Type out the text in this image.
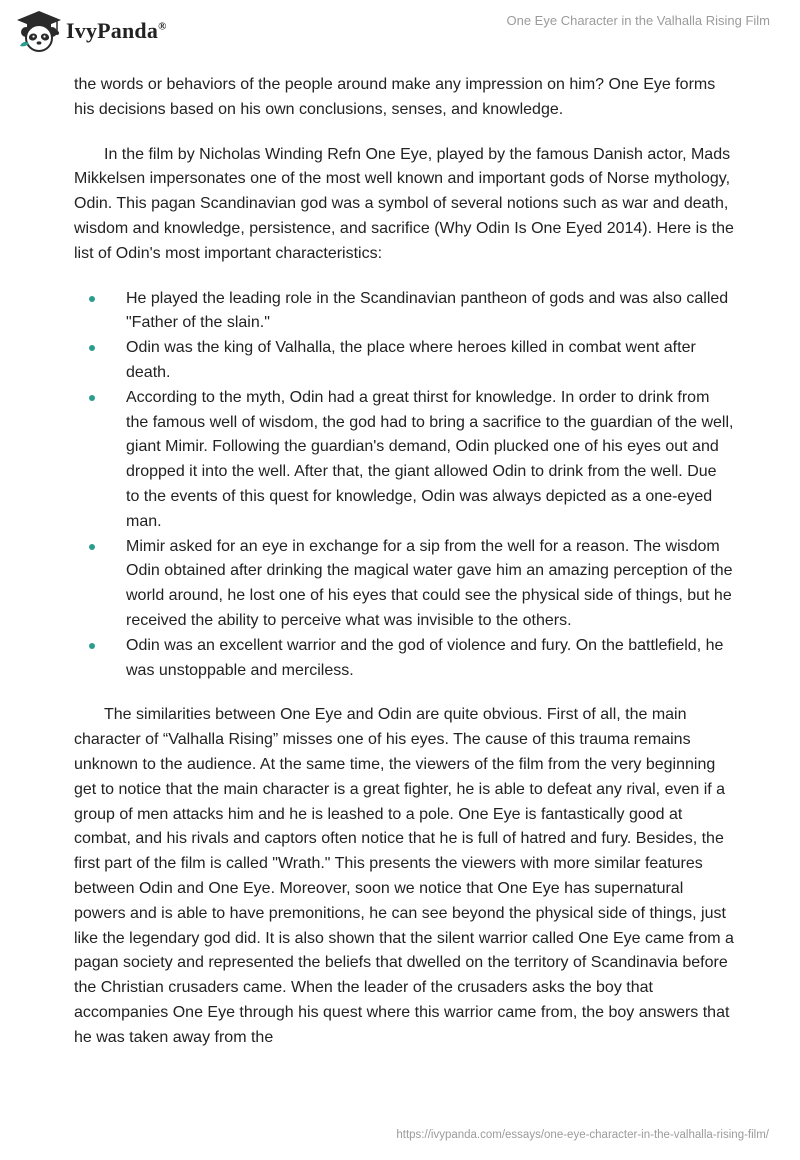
IvyPanda®	One Eye Character in the Valhalla Rising Film

the words or behaviors of the people around make any impression on him? One Eye forms his decisions based on his own conclusions, senses, and knowledge.

In the film by Nicholas Winding Refn One Eye, played by the famous Danish actor, Mads Mikkelsen impersonates one of the most well known and important gods of Norse mythology, Odin. This pagan Scandinavian god was a symbol of several notions such as war and death, wisdom and knowledge, persistence, and sacrifice (Why Odin Is One Eyed 2014). Here is the list of Odin's most important characteristics:

He played the leading role in the Scandinavian pantheon of gods and was also called "Father of the slain."
Odin was the king of Valhalla, the place where heroes killed in combat went after death.
According to the myth, Odin had a great thirst for knowledge. In order to drink from the famous well of wisdom, the god had to bring a sacrifice to the guardian of the well, giant Mimir. Following the guardian's demand, Odin plucked one of his eyes out and dropped it into the well. After that, the giant allowed Odin to drink from the well. Due to the events of this quest for knowledge, Odin was always depicted as a one-eyed man.
Mimir asked for an eye in exchange for a sip from the well for a reason. The wisdom Odin obtained after drinking the magical water gave him an amazing perception of the world around, he lost one of his eyes that could see the physical side of things, but he received the ability to perceive what was invisible to the others.
Odin was an excellent warrior and the god of violence and fury. On the battlefield, he was unstoppable and merciless.

The similarities between One Eye and Odin are quite obvious. First of all, the main character of “Valhalla Rising” misses one of his eyes. The cause of this trauma remains unknown to the audience. At the same time, the viewers of the film from the very beginning get to notice that the main character is a great fighter, he is able to defeat any rival, even if a group of men attacks him and he is leashed to a pole. One Eye is fantastically good at combat, and his rivals and captors often notice that he is full of hatred and fury. Besides, the first part of the film is called "Wrath." This presents the viewers with more similar features between Odin and One Eye. Moreover, soon we notice that One Eye has supernatural powers and is able to have premonitions, he can see beyond the physical side of things, just like the legendary god did. It is also shown that the silent warrior called One Eye came from a pagan society and represented the beliefs that dwelled on the territory of Scandinavia before the Christian crusaders came. When the leader of the crusaders asks the boy that accompanies One Eye through his quest where this warrior came from, the boy answers that he was taken away from the

https://ivypanda.com/essays/one-eye-character-in-the-valhalla-rising-film/
